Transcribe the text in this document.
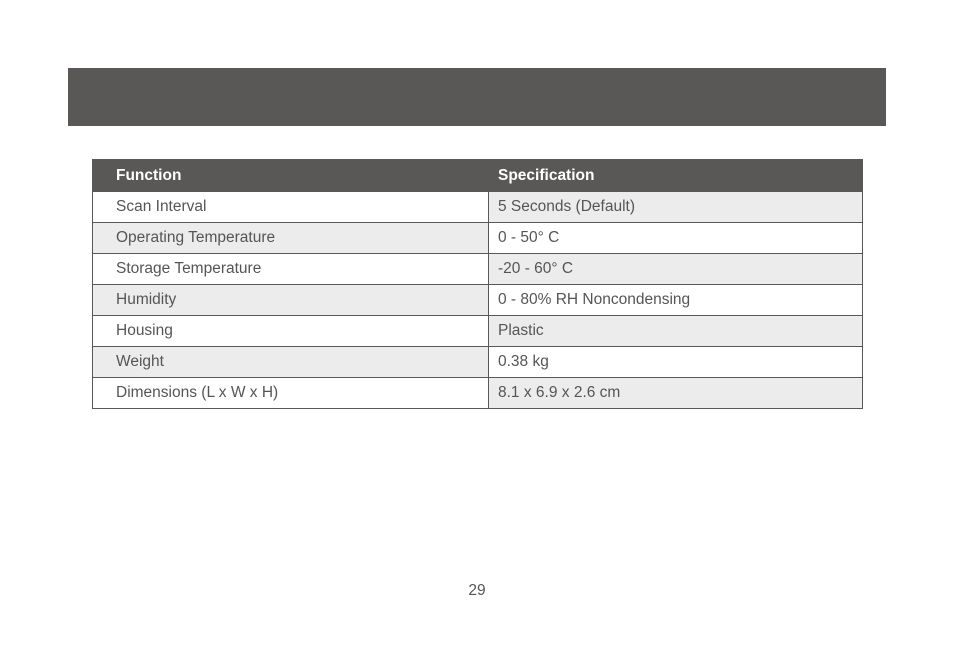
Function	Specification
Scan Interval	5 Seconds (Default)
Operating Temperature	0 - 50° C
Storage Temperature	-20 - 60° C
Humidity	0 - 80% RH Noncondensing
Housing	Plastic
Weight	0.38 kg
Dimensions (L x W x H)	8.1 x 6.9 x 2.6 cm
29
